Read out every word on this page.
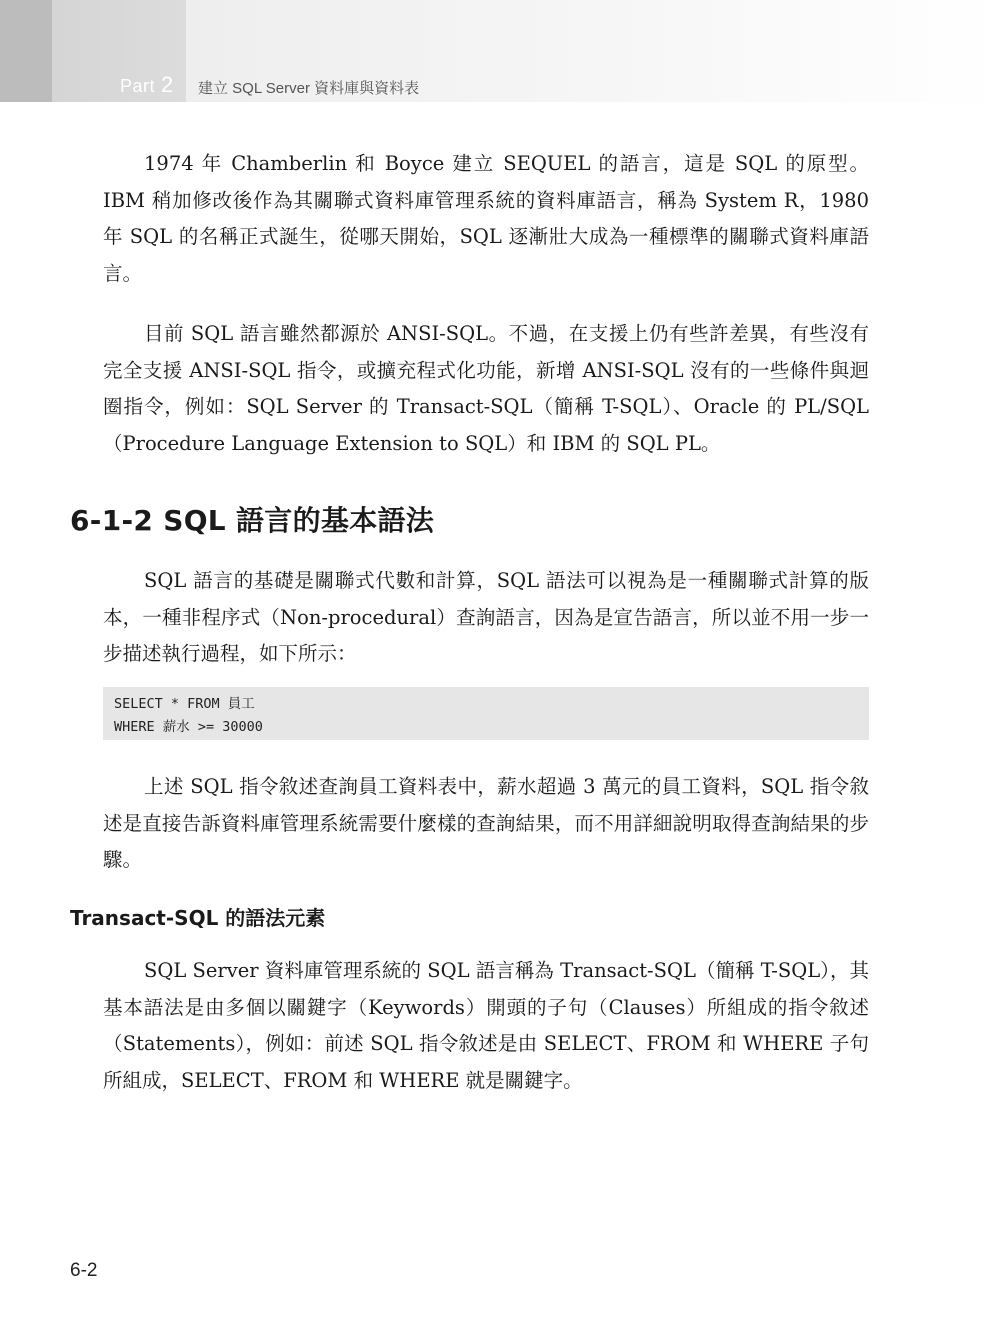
Part 2 建立 SQL Server 資料庫與資料表

1974 年 Chamberlin 和 Boyce 建立 SEQUEL 的語言，這是 SQL 的原型。IBM 稍加修改後作為其關聯式資料庫管理系統的資料庫語言，稱為 System R，1980 年 SQL 的名稱正式誕生，從哪天開始，SQL 逐漸壯大成為一種標準的關聯式資料庫語言。

目前 SQL 語言雖然都源於 ANSI-SQL。不過，在支援上仍有些許差異，有些沒有完全支援 ANSI-SQL 指令，或擴充程式化功能，新增 ANSI-SQL 沒有的一些條件與迴圈指令，例如：SQL Server 的 Transact-SQL（簡稱 T-SQL）、Oracle 的 PL/SQL（Procedure Language Extension to SQL）和 IBM 的 SQL PL。

6-1-2 SQL 語言的基本語法

SQL 語言的基礎是關聯式代數和計算，SQL 語法可以視為是一種關聯式計算的版本，一種非程序式（Non-procedural）查詢語言，因為是宣告語言，所以並不用一步一步描述執行過程，如下所示：

SELECT * FROM 員工
WHERE 薪水 >= 30000

上述 SQL 指令敘述查詢員工資料表中，薪水超過 3 萬元的員工資料，SQL 指令敘述是直接告訴資料庫管理系統需要什麼樣的查詢結果，而不用詳細說明取得查詢結果的步驟。

Transact-SQL 的語法元素

SQL Server 資料庫管理系統的 SQL 語言稱為 Transact-SQL（簡稱 T-SQL），其基本語法是由多個以關鍵字（Keywords）開頭的子句（Clauses）所組成的指令敘述（Statements），例如：前述 SQL 指令敘述是由 SELECT、FROM 和 WHERE 子句所組成，SELECT、FROM 和 WHERE 就是關鍵字。

6-2
